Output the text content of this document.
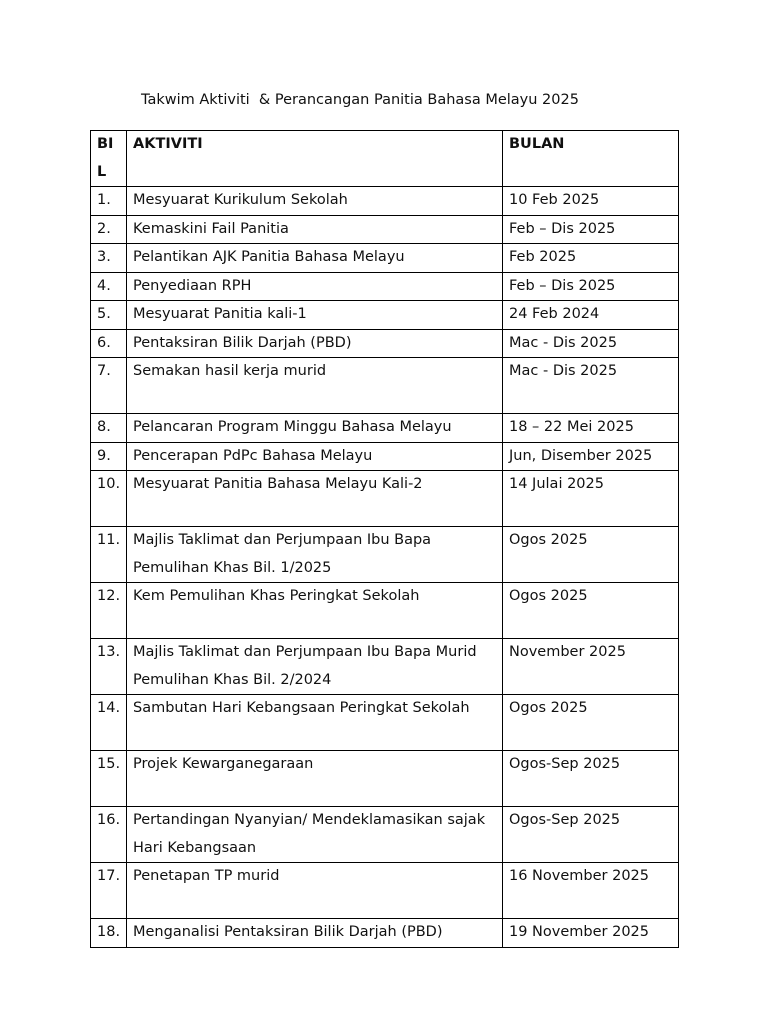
Takwim Aktiviti  & Perancangan Panitia Bahasa Melayu 2025
BIL	AKTIVITI	BULAN
1.	Mesyuarat Kurikulum Sekolah	10 Feb 2025
2.	Kemaskini Fail Panitia	Feb – Dis 2025
3.	Pelantikan AJK Panitia Bahasa Melayu	Feb 2025
4.	Penyediaan RPH	Feb – Dis 2025
5.	Mesyuarat Panitia kali-1	24 Feb 2024
6.	Pentaksiran Bilik Darjah (PBD)	Mac - Dis 2025
7.	Semakan hasil kerja murid	Mac - Dis 2025
8.	Pelancaran Program Minggu Bahasa Melayu	18 – 22 Mei 2025
9.	Pencerapan PdPc Bahasa Melayu	Jun, Disember 2025
10.	Mesyuarat Panitia Bahasa Melayu Kali-2	14 Julai 2025
11.	Majlis Taklimat dan Perjumpaan Ibu Bapa Pemulihan Khas Bil. 1/2025	Ogos 2025
12.	Kem Pemulihan Khas Peringkat Sekolah	Ogos 2025
13.	Majlis Taklimat dan Perjumpaan Ibu Bapa Murid Pemulihan Khas Bil. 2/2024	November 2025
14.	Sambutan Hari Kebangsaan Peringkat Sekolah	Ogos 2025
15.	Projek Kewarganegaraan	Ogos-Sep 2025
16.	Pertandingan Nyanyian/ Mendeklamasikan sajak Hari Kebangsaan	Ogos-Sep 2025
17.	Penetapan TP murid	16 November 2025
18.	Menganalisi Pentaksiran Bilik Darjah (PBD)	19 November 2025
